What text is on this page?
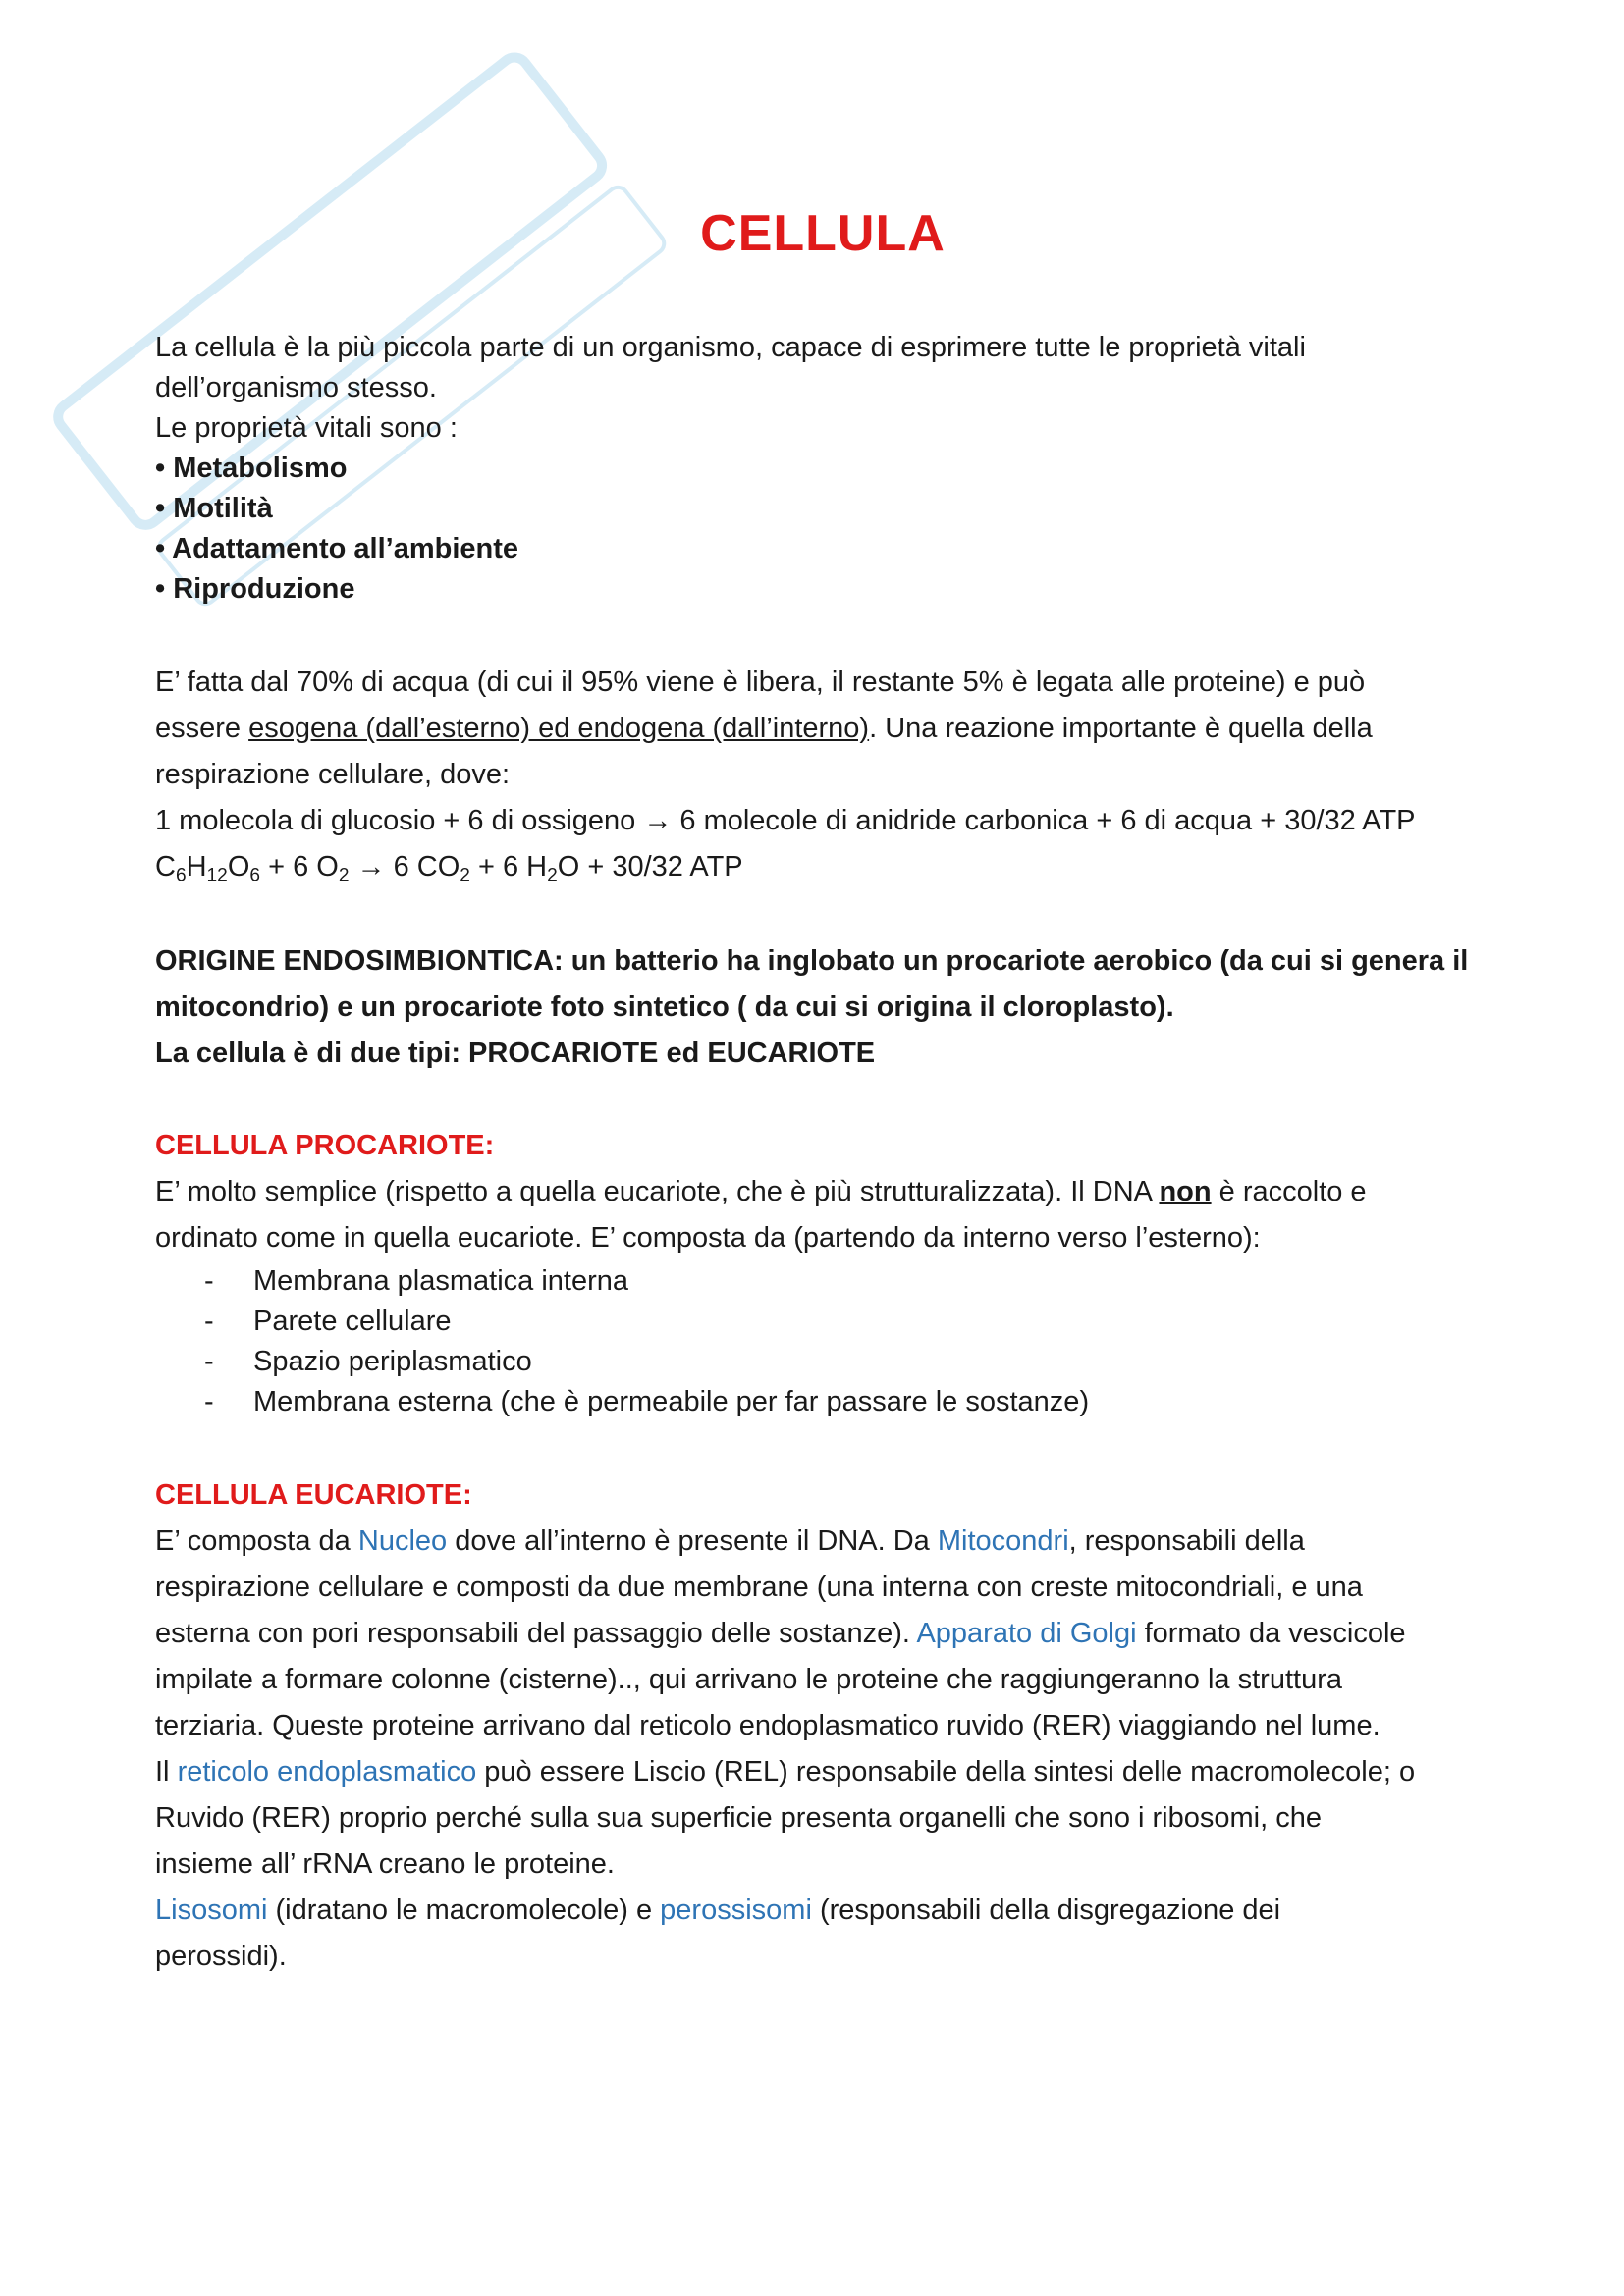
CELLULA

La cellula è la più piccola parte di un organismo, capace di esprimere tutte le proprietà vitali

dell’organismo stesso.

Le proprietà vitali sono :

• Metabolismo

• Motilità

• Adattamento all’ambiente

• Riproduzione

E’ fatta dal 70% di acqua (di cui il 95% viene è libera, il restante 5% è legata alle proteine) e può

essere esogena (dall’esterno) ed endogena (dall’interno). Una reazione importante è quella della

respirazione cellulare, dove:

1 molecola di glucosio + 6 di ossigeno → 6 molecole di anidride carbonica + 6 di acqua + 30/32 ATP

$C_6H_{12}O_6 + 6$ $O_2 \to 6$ $CO_2 + 6$ $H_2O + 30/32$ ATP

ORIGINE ENDOSIMBIONTICA: un batterio ha inglobato un procariote aerobico (da cui si genera il

mitocondrio) e un procariote foto sintetico ( da cui si origina il cloroplasto).

La cellula è di due tipi: PROCARIOTE ed EUCARIOTE

CELLULA PROCARIOTE:

E’ molto semplice (rispetto a quella eucariote, che è più strutturalizzata). Il DNA non è raccolto e

ordinato come in quella eucariote. E’ composta da (partendo da interno verso l’esterno):

- Membrana plasmatica interna
- Parete cellulare
- Spazio periplasmatico
- Membrana esterna (che è permeabile per far passare le sostanze)

CELLULA EUCARIOTE:

E’ composta da Nucleo dove all’interno è presente il DNA. Da Mitocondri, responsabili della

respirazione cellulare e composti da due membrane (una interna con creste mitocondriali, e una

esterna con pori responsabili del passaggio delle sostanze). Apparato di Golgi formato da vescicole

impilate a formare colonne (cisterne).., qui arrivano le proteine che raggiungeranno la struttura

terziaria. Queste proteine arrivano dal reticolo endoplasmatico ruvido (RER) viaggiando nel lume.

Il reticolo endoplasmatico può essere Liscio (REL) responsabile della sintesi delle macromolecole; o

Ruvido (RER) proprio perché sulla sua superficie presenta organelli che sono i ribosomi, che

insieme all’ rRNA creano le proteine.

Lisosomi (idratano le macromolecole) e perossisomi (responsabili della disgregazione dei

perossidi).
